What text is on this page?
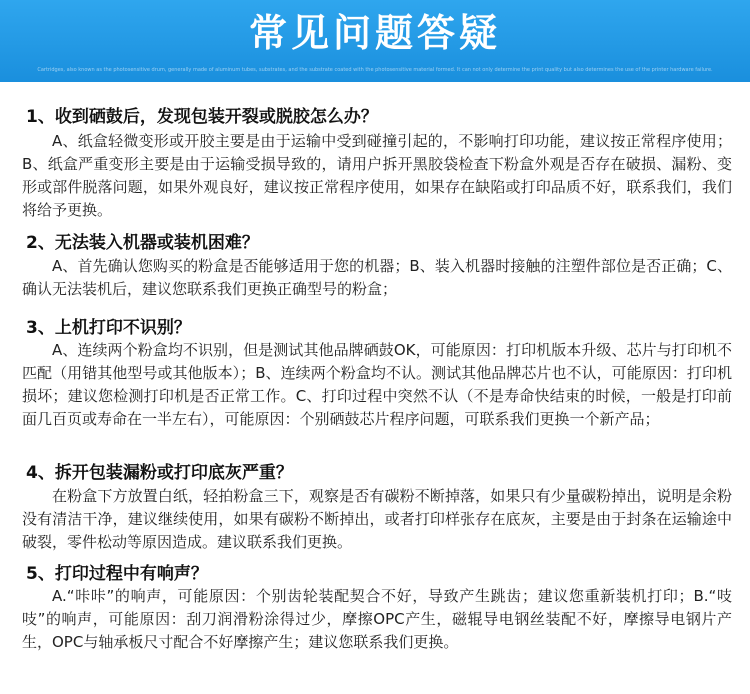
常见问题答疑
Cartridges, also known as the photosensitive drum, generally made of aluminum tubes, substrates, and the substrate coated with the photosensitive material formed. It can not only determine the print quality but also determines the use of the printer hardware failure.
1、收到硒鼓后，发现包装开裂或脱胶怎么办？
A、纸盒轻微变形或开胶主要是由于运输中受到碰撞引起的，不影响打印功能，建议按正常程序使用；B、纸盒严重变形主要是由于运输受损导致的，请用户拆开黑胶袋检查下粉盒外观是否存在破损、漏粉、变形或部件脱落问题，如果外观良好，建议按正常程序使用，如果存在缺陷或打印品质不好，联系我们，我们将给予更换。
2、无法装入机器或装机困难？
A、首先确认您购买的粉盒是否能够适用于您的机器；B、装入机器时接触的注塑件部位是否正确；C、确认无法装机后，建议您联系我们更换正确型号的粉盒；
3、上机打印不识别？
A、连续两个粉盒均不识别，但是测试其他品牌硒鼓OK，可能原因：打印机版本升级、芯片与打印机不匹配（用错其他型号或其他版本）；B、连续两个粉盒均不认。测试其他品牌芯片也不认，可能原因：打印机损坏；建议您检测打印机是否正常工作。C、打印过程中突然不认（不是寿命快结束的时候，一般是打印前面几百页或寿命在一半左右），可能原因：个别硒鼓芯片程序问题，可联系我们更换一个新产品；
4、拆开包装漏粉或打印底灰严重？
在粉盒下方放置白纸，轻拍粉盒三下，观察是否有碳粉不断掉落，如果只有少量碳粉掉出，说明是余粉没有清洁干净，建议继续使用，如果有碳粉不断掉出，或者打印样张存在底灰，主要是由于封条在运输途中破裂，零件松动等原因造成。建议联系我们更换。
5、打印过程中有响声？
A.“咔咔”的响声，可能原因：个别齿轮装配契合不好，导致产生跳齿；建议您重新装机打印；B.“吱吱”的响声，可能原因：刮刀润滑粉涂得过少，摩擦OPC产生，磁辊导电钢丝装配不好，摩擦导电钢片产生，OPC与轴承板尺寸配合不好摩擦产生；建议您联系我们更换。
